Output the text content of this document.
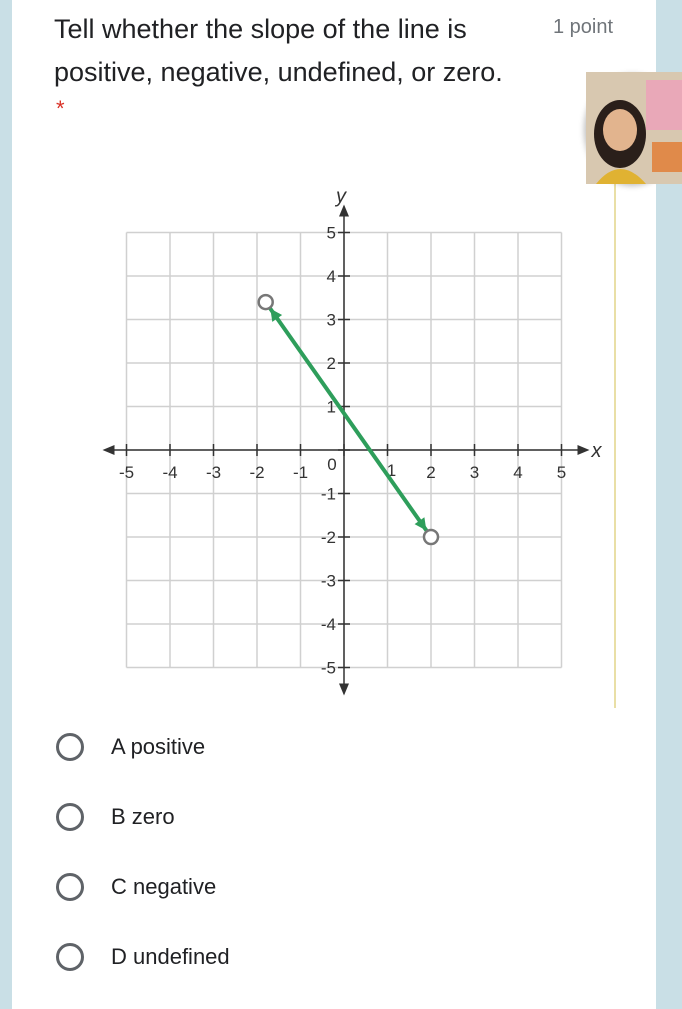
Tell whether the slope of the line is positive, negative, undefined, or zero.
1 point
*
x
y
-5 -4 -3 -2 -1	2 3 4 5
-5
-4
-3
-2
-1
1
2
3
4
5
0	1
A positive
B zero
C negative
D undefined
